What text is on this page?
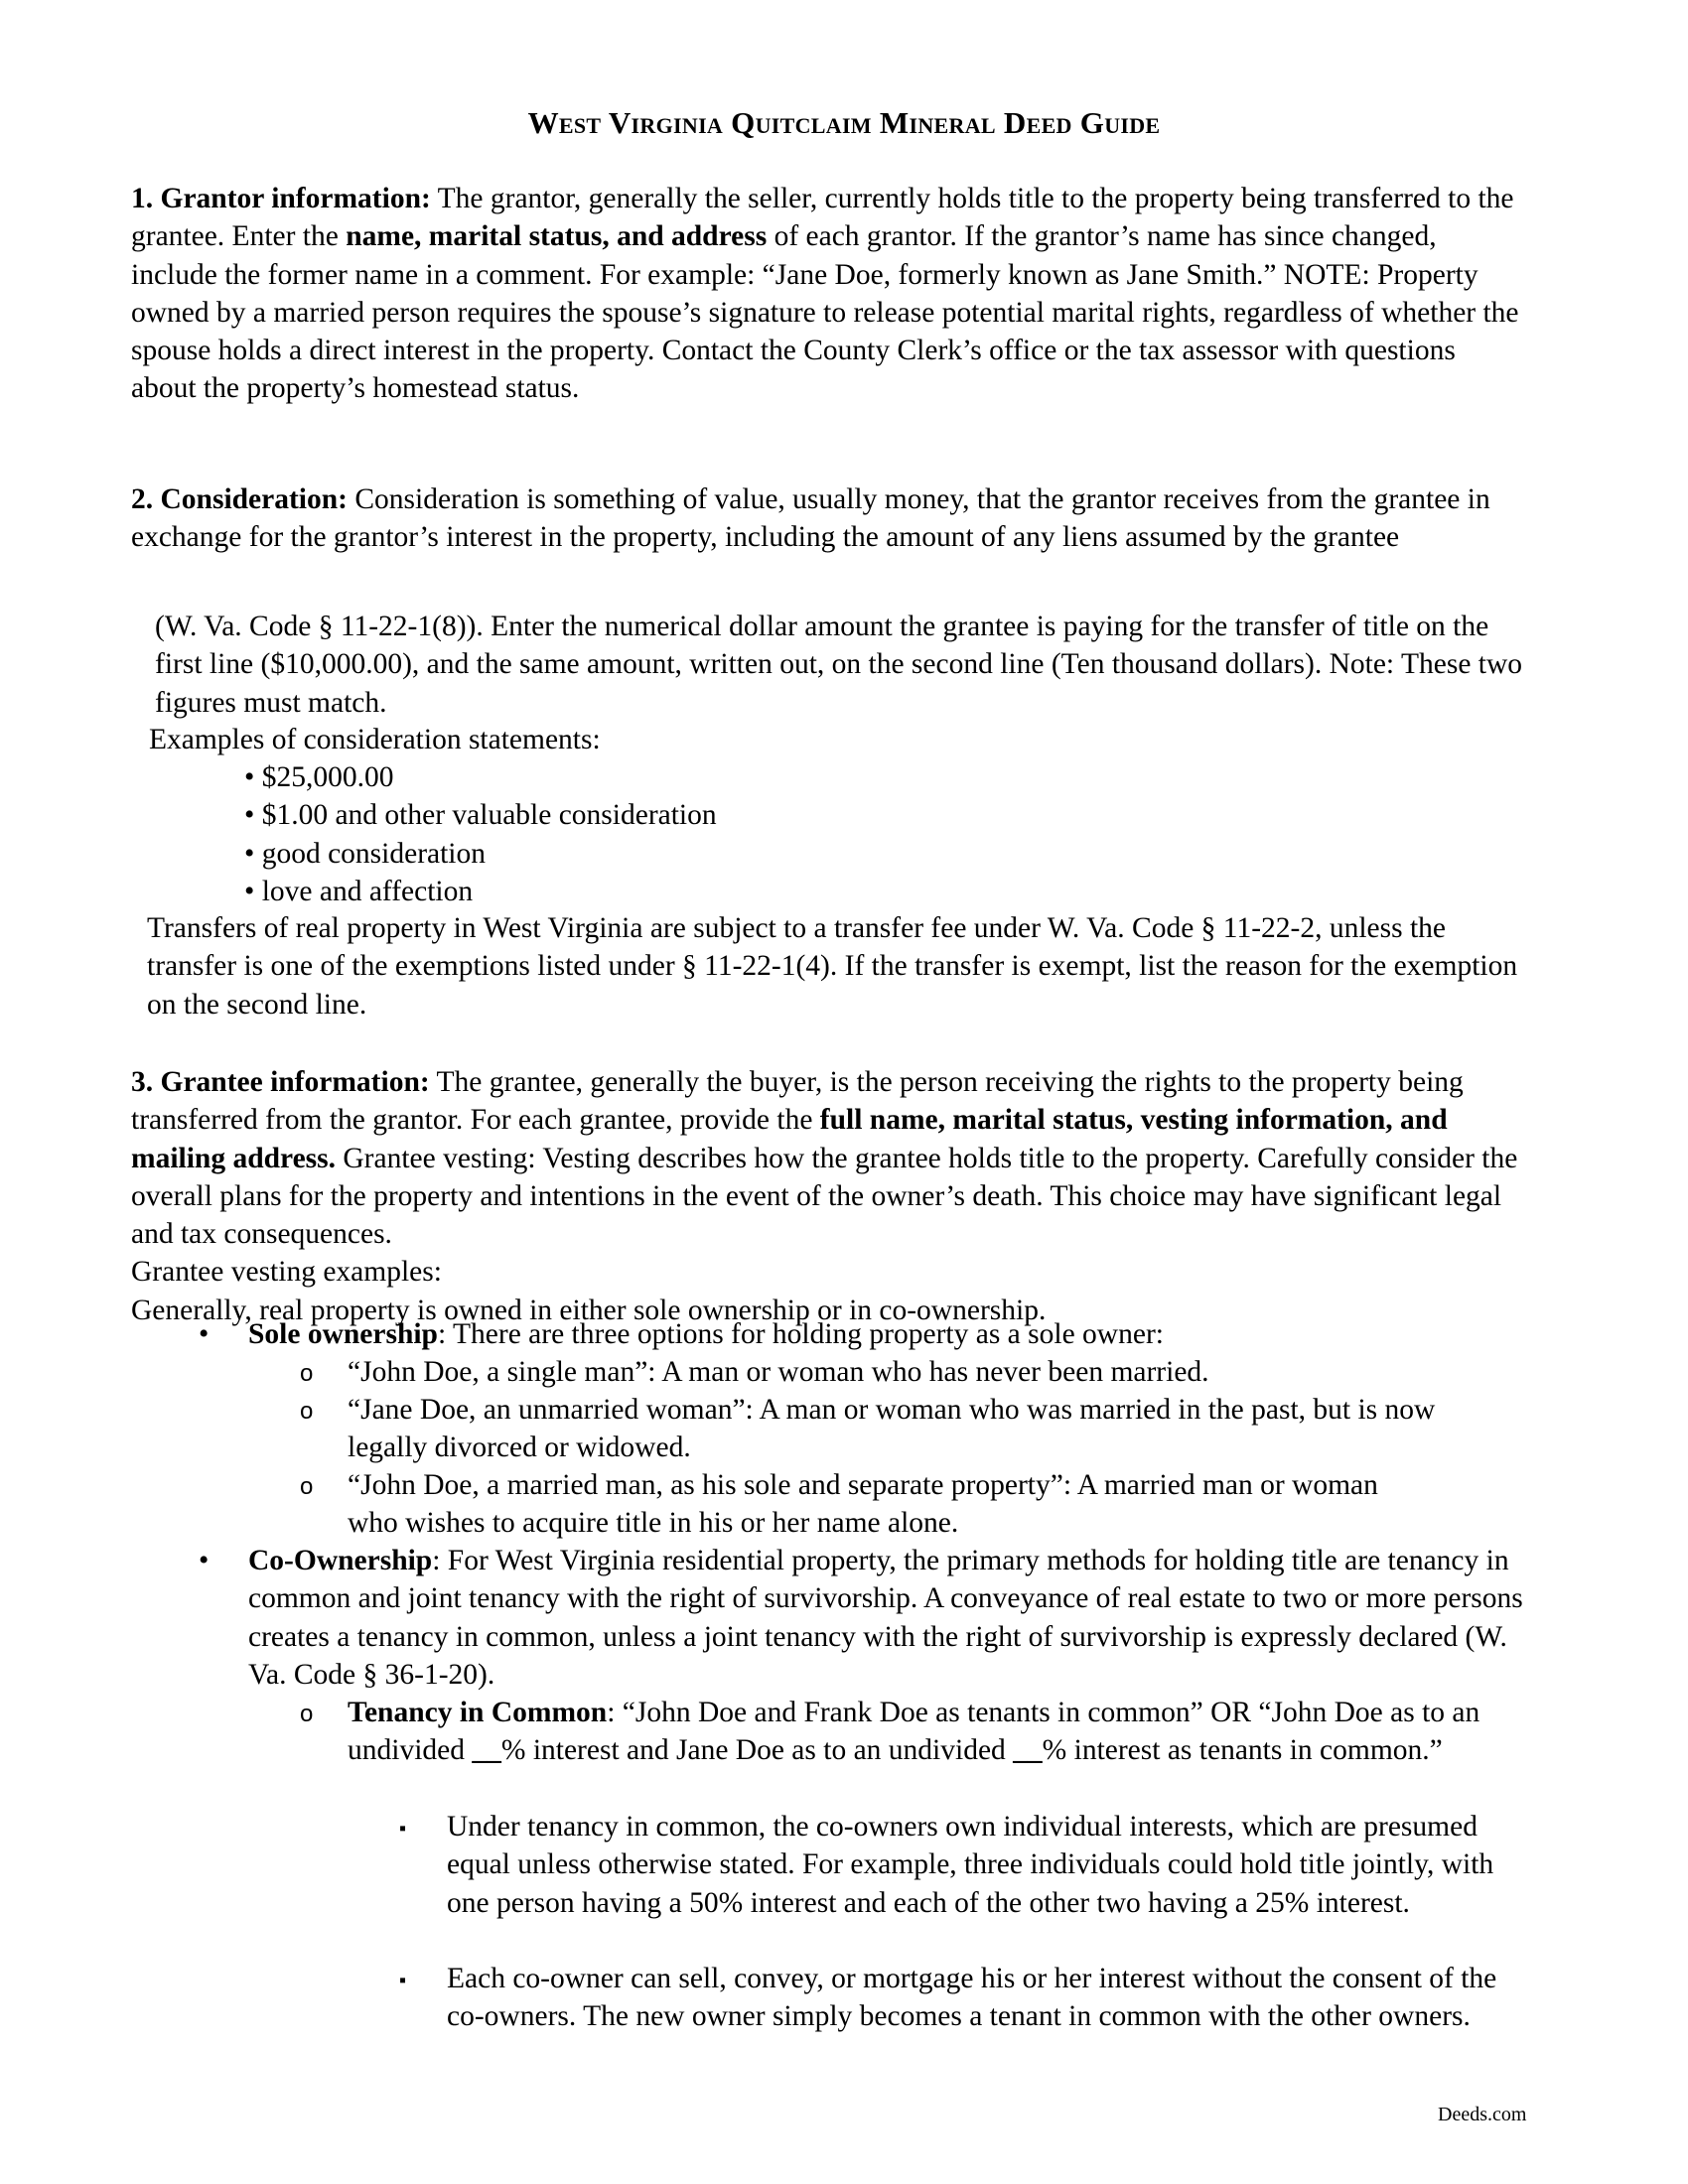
West Virginia Quitclaim Mineral Deed Guide
1. Grantor information: The grantor, generally the seller, currently holds title to the property being transferred to the grantee. Enter the name, marital status, and address of each grantor. If the grantor’s name has since changed, include the former name in a comment. For example: “Jane Doe, formerly known as Jane Smith.” NOTE: Property owned by a married person requires the spouse’s signature to release potential marital rights, regardless of whether the spouse holds a direct interest in the property. Contact the County Clerk’s office or the tax assessor with questions about the property’s homestead status.
2. Consideration: Consideration is something of value, usually money, that the grantor receives from the grantee in exchange for the grantor’s interest in the property, including the amount of any liens assumed by the grantee
(W. Va. Code § 11-22-1(8)). Enter the numerical dollar amount the grantee is paying for the transfer of title on the first line ($10,000.00), and the same amount, written out, on the second line (Ten thousand dollars). Note: These two figures must match.
Examples of consideration statements:
• $25,000.00
• $1.00 and other valuable consideration
• good consideration
• love and affection
Transfers of real property in West Virginia are subject to a transfer fee under W. Va. Code § 11-22-2, unless the transfer is one of the exemptions listed under § 11-22-1(4). If the transfer is exempt, list the reason for the exemption on the second line.
3. Grantee information: The grantee, generally the buyer, is the person receiving the rights to the property being transferred from the grantor. For each grantee, provide the full name, marital status, vesting information, and mailing address. Grantee vesting: Vesting describes how the grantee holds title to the property. Carefully consider the overall plans for the property and intentions in the event of the owner’s death. This choice may have significant legal and tax consequences.
Grantee vesting examples:
Generally, real property is owned in either sole ownership or in co-ownership.
• Sole ownership: There are three options for holding property as a sole owner:
o “John Doe, a single man”: A man or woman who has never been married.
o “Jane Doe, an unmarried woman”: A man or woman who was married in the past, but is now legally divorced or widowed.
o “John Doe, a married man, as his sole and separate property”: A married man or woman who wishes to acquire title in his or her name alone.
• Co-Ownership: For West Virginia residential property, the primary methods for holding title are tenancy in common and joint tenancy with the right of survivorship. A conveyance of real estate to two or more persons creates a tenancy in common, unless a joint tenancy with the right of survivorship is expressly declared (W. Va. Code § 36-1-20).
o Tenancy in Common: “John Doe and Frank Doe as tenants in common” OR “John Doe as to an undivided __% interest and Jane Doe as to an undivided __% interest as tenants in common.”
▪ Under tenancy in common, the co-owners own individual interests, which are presumed equal unless otherwise stated. For example, three individuals could hold title jointly, with one person having a 50% interest and each of the other two having a 25% interest.
▪ Each co-owner can sell, convey, or mortgage his or her interest without the consent of the co-owners. The new owner simply becomes a tenant in common with the other owners.
Deeds.com
